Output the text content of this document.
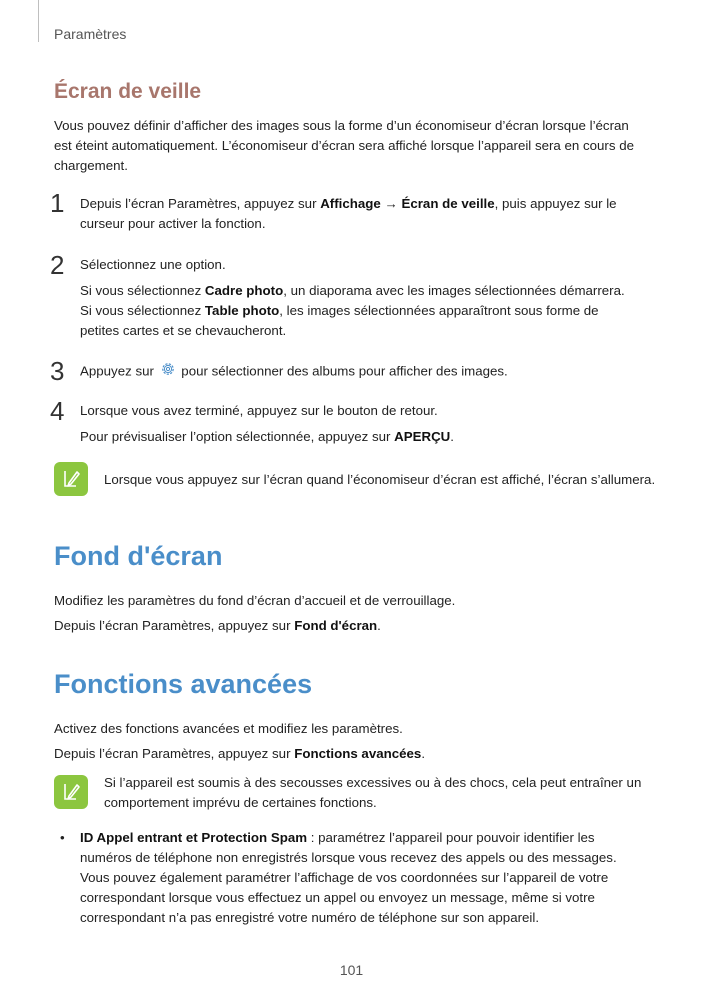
Paramètres
Écran de veille
Vous pouvez définir d’afficher des images sous la forme d’un économiseur d’écran lorsque l’écran est éteint automatiquement. L’économiseur d’écran sera affiché lorsque l’appareil sera en cours de chargement.
1 Depuis l’écran Paramètres, appuyez sur Affichage → Écran de veille, puis appuyez sur le curseur pour activer la fonction.
2 Sélectionnez une option.
Si vous sélectionnez Cadre photo, un diaporama avec les images sélectionnées démarrera. Si vous sélectionnez Table photo, les images sélectionnées apparaîtront sous forme de petites cartes et se chevaucheront.
3 Appuyez sur  pour sélectionner des albums pour afficher des images.
4 Lorsque vous avez terminé, appuyez sur le bouton de retour.
Pour prévisualiser l’option sélectionnée, appuyez sur APERÇU.
Lorsque vous appuyez sur l’écran quand l’économiseur d’écran est affiché, l’écran s’allumera.
Fond d'écran
Modifiez les paramètres du fond d’écran d’accueil et de verrouillage.
Depuis l’écran Paramètres, appuyez sur Fond d'écran.
Fonctions avancées
Activez des fonctions avancées et modifiez les paramètres.
Depuis l’écran Paramètres, appuyez sur Fonctions avancées.
Si l’appareil est soumis à des secousses excessives ou à des chocs, cela peut entraîner un comportement imprévu de certaines fonctions.
• ID Appel entrant et Protection Spam : paramétrez l’appareil pour pouvoir identifier les numéros de téléphone non enregistrés lorsque vous recevez des appels ou des messages. Vous pouvez également paramétrer l’affichage de vos coordonnées sur l’appareil de votre correspondant lorsque vous effectuez un appel ou envoyez un message, même si votre correspondant n’a pas enregistré votre numéro de téléphone sur son appareil.
101
